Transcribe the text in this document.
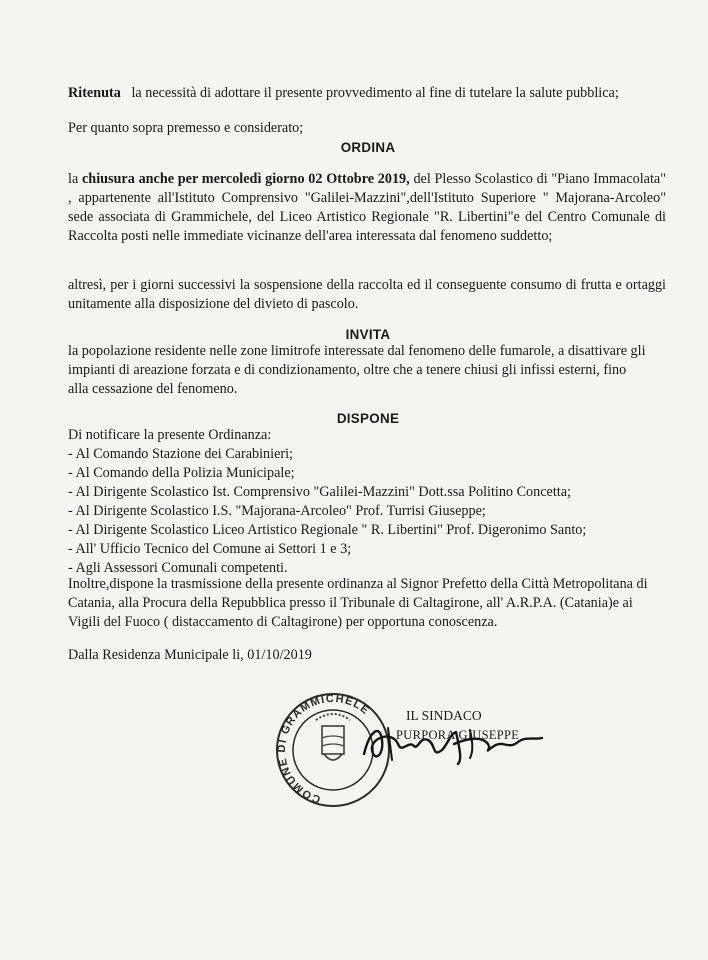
Ritenuta la necessità di adottare il presente provvedimento al fine di tutelare la salute pubblica;

Per quanto sopra premesso e considerato;

ORDINA

la chiusura anche per mercoledì giorno 02 Ottobre 2019, del Plesso Scolastico di "Piano Immacolata" , appartenente all'Istituto Comprensivo "Galilei-Mazzini",dell'Istituto Superiore " Majorana-Arcoleo" sede associata di Grammichele, del Liceo Artistico Regionale "R. Libertini"e del Centro Comunale di Raccolta posti nelle immediate vicinanze dell'area interessata dal fenomeno suddetto;

altresì, per i giorni successivi la sospensione della raccolta ed il conseguente consumo di frutta e ortaggi unitamente alla disposizione del divieto di pascolo.

INVITA

la popolazione residente nelle zone limitrofe interessate dal fenomeno delle fumarole, a disattivare gli impianti di areazione forzata e di condizionamento, oltre che a tenere chiusi gli infissi esterni, fino alla cessazione del fenomeno.

DISPONE

Di notificare la presente Ordinanza:

- Al Comando Stazione dei Carabinieri;
- Al Comando della Polizia Municipale;
- Al Dirigente Scolastico Ist. Comprensivo "Galilei-Mazzini" Dott.ssa Politino Concetta;
- Al Dirigente Scolastico I.S. "Majorana-Arcoleo" Prof. Turrisi Giuseppe;
- Al Dirigente Scolastico Liceo Artistico Regionale " R. Libertini" Prof. Digeronimo Santo;
- All' Ufficio Tecnico del Comune ai Settori 1 e 3;
- Agli Assessori Comunali competenti.

Inoltre,dispone la trasmissione della presente ordinanza al Signor Prefetto della Città Metropolitana di Catania, alla Procura della Repubblica presso il Tribunale di Caltagirone, all' A.R.P.A. (Catania)e ai Vigili del Fuoco ( distaccamento di Caltagirone) per opportuna conoscenza.

Dalla Residenza Municipale li, 01/10/2019

COMUNE DI GRAMMICHELE	IL SINDACO
PURPORA GIUSEPPE
